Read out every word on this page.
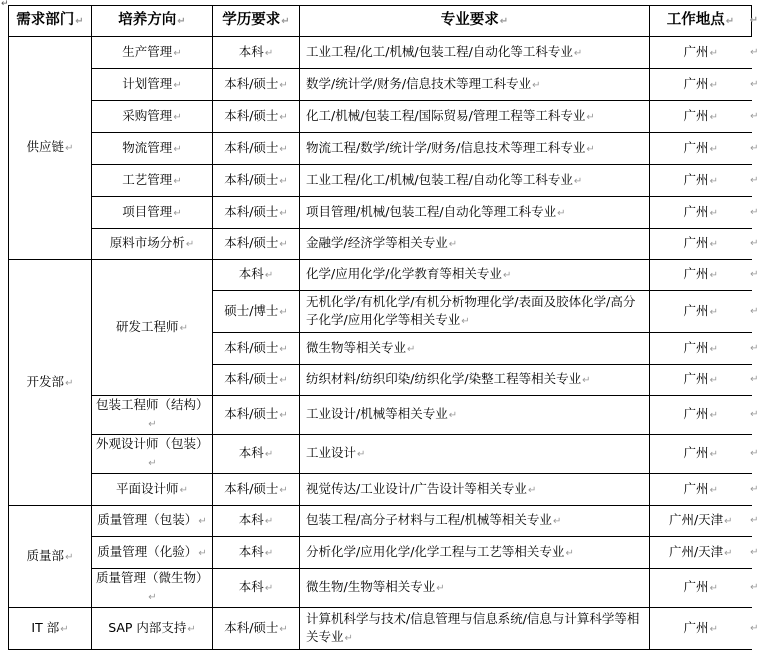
↵
需求部门↵	培养方向↵	学历要求↵	专业要求↵	工作地点↵ ↵

供应链↵	生产管理↵	本科↵	工业工程/化工/机械/包装工程/自动化等工科专业↵	广州↵ ↵

	计划管理↵	本科/硕士↵	数学/统计学/财务/信息技术等理工科专业↵	广州↵ ↵

	采购管理↵	本科/硕士↵	化工/机械/包装工程/国际贸易/管理工程等工科专业↵	广州↵ ↵

	物流管理↵	本科/硕士↵	物流工程/数学/统计学/财务/信息技术等理工科专业↵	广州↵ ↵

	工艺管理↵	本科/硕士↵	工业工程/化工/机械/包装工程/自动化等工科专业↵	广州↵ ↵

	项目管理↵	本科/硕士↵	项目管理/机械/包装工程/自动化等理工科专业↵	广州↵ ↵

	原料市场分析↵	本科/硕士↵	金融学/经济学等相关专业↵	广州↵ ↵

开发部↵	研发工程师↵	本科↵	化学/应用化学/化学教育等相关专业↵	广州↵ ↵

		硕士/博士↵	无机化学/有机化学/有机分析物理化学/表面及胶体化学/高分子化学/应用化学等相关专业↵	广州↵ ↵

		本科/硕士↵	微生物等相关专业↵	广州↵ ↵

		本科/硕士↵	纺织材料/纺织印染/纺织化学/染整工程等相关专业↵	广州↵ ↵

	包装工程师（结构）↵	本科/硕士↵	工业设计/机械等相关专业↵	广州↵ ↵

	外观设计师（包装）↵	本科↵	工业设计↵	广州↵ ↵

	平面设计师↵	本科/硕士↵	视觉传达/工业设计/广告设计等相关专业↵	广州↵ ↵

质量部↵	质量管理（包装）↵	本科↵	包装工程/高分子材料与工程/机械等相关专业↵	广州/天津↵ ↵

	质量管理（化验）↵	本科↵	分析化学/应用化学/化学工程与工艺等相关专业↵	广州/天津↵ ↵

	质量管理（微生物）↵	本科↵	微生物/生物等相关专业↵	广州↵ ↵

IT 部↵	SAP 内部支持↵	本科/硕士↵	计算机科学与技术/信息管理与信息系统/信息与计算科学等相关专业↵	广州↵ ↵
